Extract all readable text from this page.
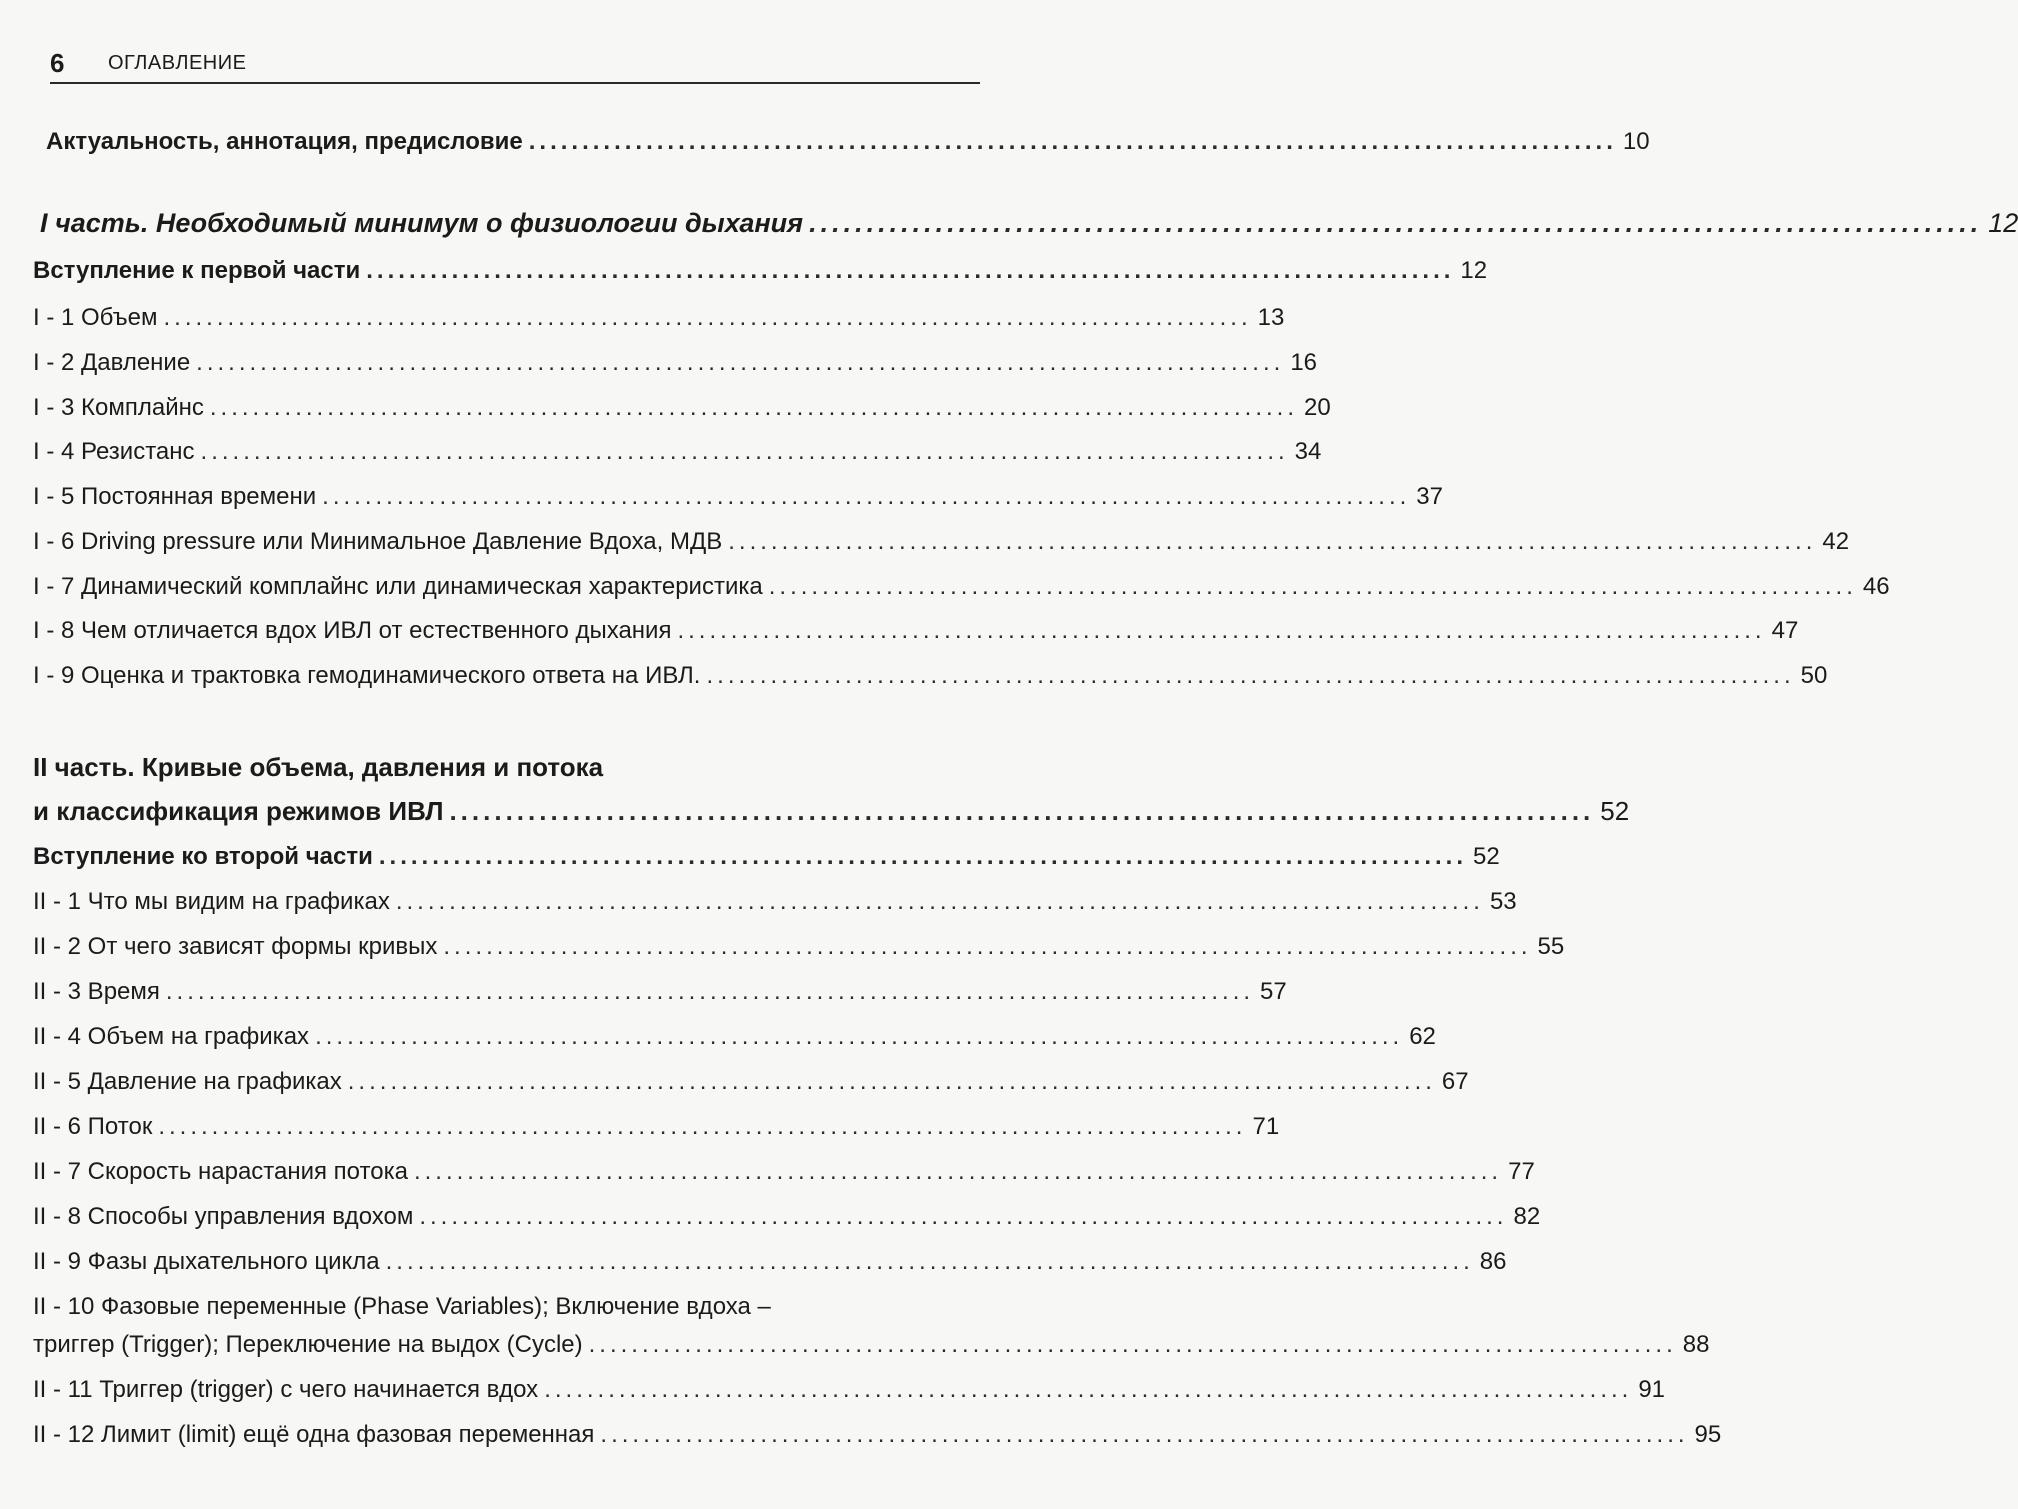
6 ОГЛАВЛЕНИЕ
Актуальность, аннотация, предисловие ...................................................................................................... 10
I часть. Необходимый минимум о физиологии дыхания ...................................................................................................... 12
Вступление к первой части ...................................................................................................... 12
I - 1 Объем ...................................................................................................... 13
I - 2 Давление ...................................................................................................... 16
I - 3 Комплайнс ...................................................................................................... 20
I - 4 Резистанс ...................................................................................................... 34
I - 5 Постоянная времени ...................................................................................................... 37
I - 6 Driving pressure или Минимальное Давление Вдоха, МДВ ...................................................................................................... 42
I - 7 Динамический комплайнс или динамическая характеристика ...................................................................................................... 46
I - 8 Чем отличается вдох ИВЛ от естественного дыхания ...................................................................................................... 47
I - 9 Оценка и трактовка гемодинамического ответа на ИВЛ. ...................................................................................................... 50
II часть. Кривые объема, давления и потока
и классификация режимов ИВЛ ...................................................................................................... 52
Вступление ко второй части ...................................................................................................... 52
II - 1 Что мы видим на графиках ...................................................................................................... 53
II - 2 От чего зависят формы кривых ...................................................................................................... 55
II - 3 Время ...................................................................................................... 57
II - 4 Объем на графиках ...................................................................................................... 62
II - 5 Давление на графиках ...................................................................................................... 67
II - 6 Поток ...................................................................................................... 71
II - 7 Скорость нарастания потока ...................................................................................................... 77
II - 8 Способы управления вдохом ...................................................................................................... 82
II - 9 Фазы дыхательного цикла ...................................................................................................... 86
II - 10 Фазовые переменные (Phase Variables); Включение вдоха –
триггер (Trigger); Переключение на выдох (Cycle) ...................................................................................................... 88
II - 11 Триггер (trigger) с чего начинается вдох ...................................................................................................... 91
II - 12 Лимит (limit) ещё одна фазовая переменная ...................................................................................................... 95
